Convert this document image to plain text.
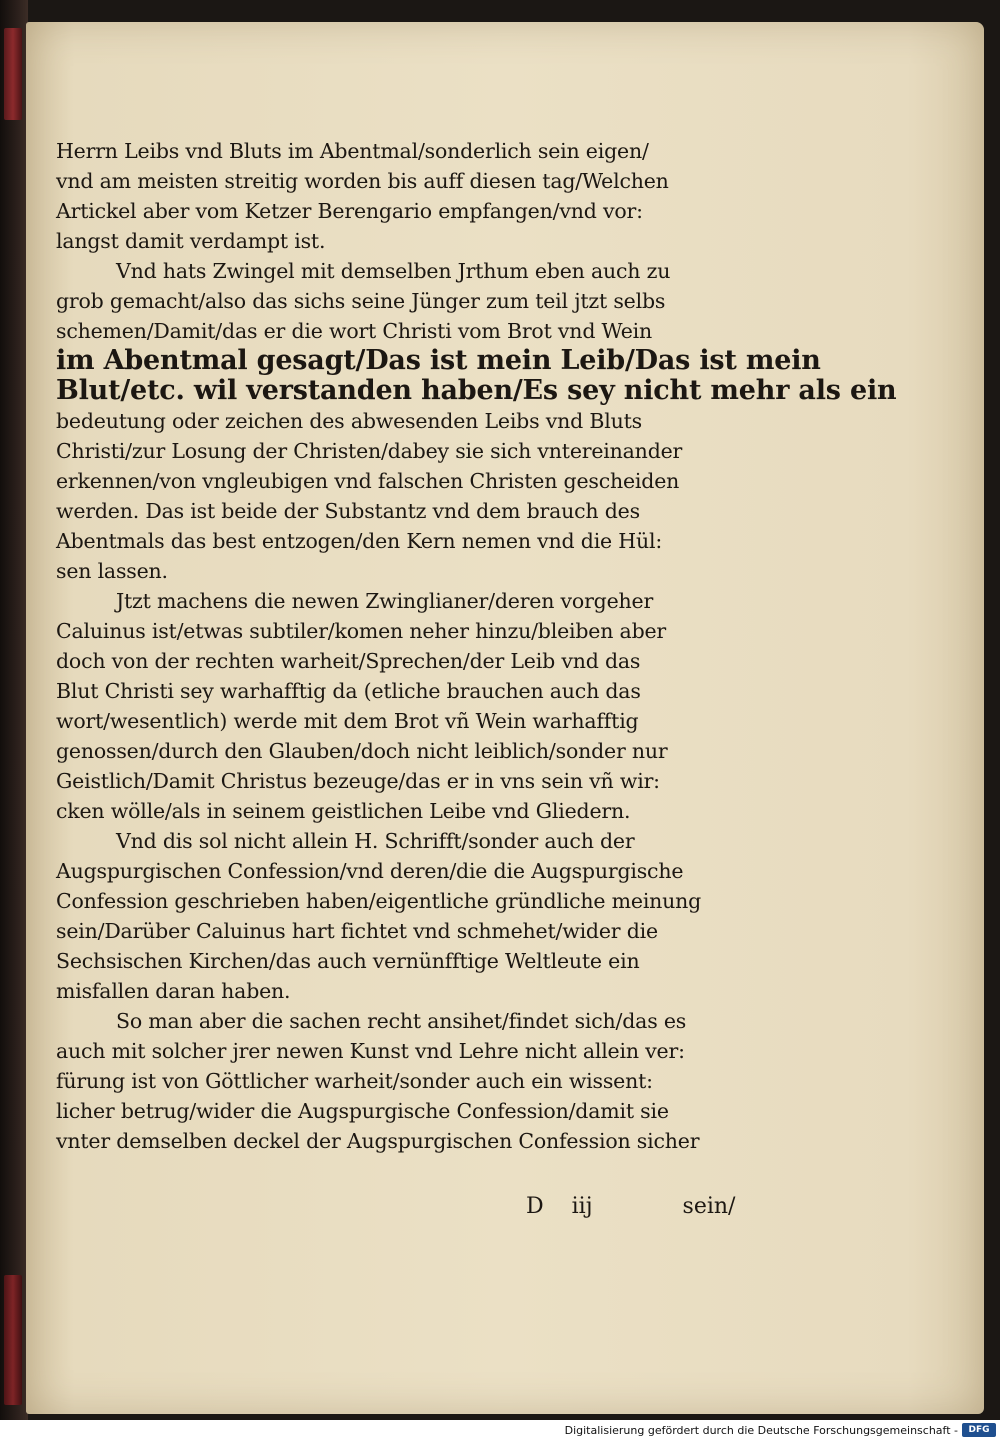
Herrn Leibs vnd Bluts im Abentmal/sonderlich sein eigen/
vnd am meisten streitig worden bis auff diesen tag/Welchen
Artickel aber vom Ketzer Berengario empfangen/vnd vor:
langst damit verdampt ist.
Vnd hats Zwingel mit demselben Jrthum eben auch zu
grob gemacht/also das sichs seine Jünger zum teil jtzt selbs
schemen/Damit/das er die wort Christi vom Brot vnd Wein
im Abentmal gesagt/Das ist mein Leib/Das ist mein
Blut/etc. wil verstanden haben/Es sey nicht mehr als ein
bedeutung oder zeichen des abwesenden Leibs vnd Bluts
Christi/zur Losung der Christen/dabey sie sich vntereinander
erkennen/von vngleubigen vnd falschen Christen gescheiden
werden. Das ist beide der Substantz vnd dem brauch des
Abentmals das best entzogen/den Kern nemen vnd die Hül:
sen lassen.
Jtzt machens die newen Zwinglianer/deren vorgeher
Caluinus ist/etwas subtiler/komen neher hinzu/bleiben aber
doch von der rechten warheit/Sprechen/der Leib vnd das
Blut Christi sey warhafftig da (etliche brauchen auch das
wort/wesentlich) werde mit dem Brot vñ Wein warhafftig
genossen/durch den Glauben/doch nicht leiblich/sonder nur
Geistlich/Damit Christus bezeuge/das er in vns sein vñ wir:
cken wölle/als in seinem geistlichen Leibe vnd Gliedern.
Vnd dis sol nicht allein H. Schrifft/sonder auch der
Augspurgischen Confession/vnd deren/die die Augspurgische
Confession geschrieben haben/eigentliche gründliche meinung
sein/Darüber Caluinus hart fichtet vnd schmehet/wider die
Sechsischen Kirchen/das auch vernünfftige Weltleute ein
misfallen daran haben.
So man aber die sachen recht ansihet/findet sich/das es
auch mit solcher jrer newen Kunst vnd Lehre nicht allein ver:
fürung ist von Göttlicher warheit/sonder auch ein wissent:
licher betrug/wider die Augspurgische Confession/damit sie
vnter demselben deckel der Augspurgischen Confession sicher
D iij	sein/
Digitalisierung gefördert durch die Deutsche Forschungsgemeinschaft -	DFG
